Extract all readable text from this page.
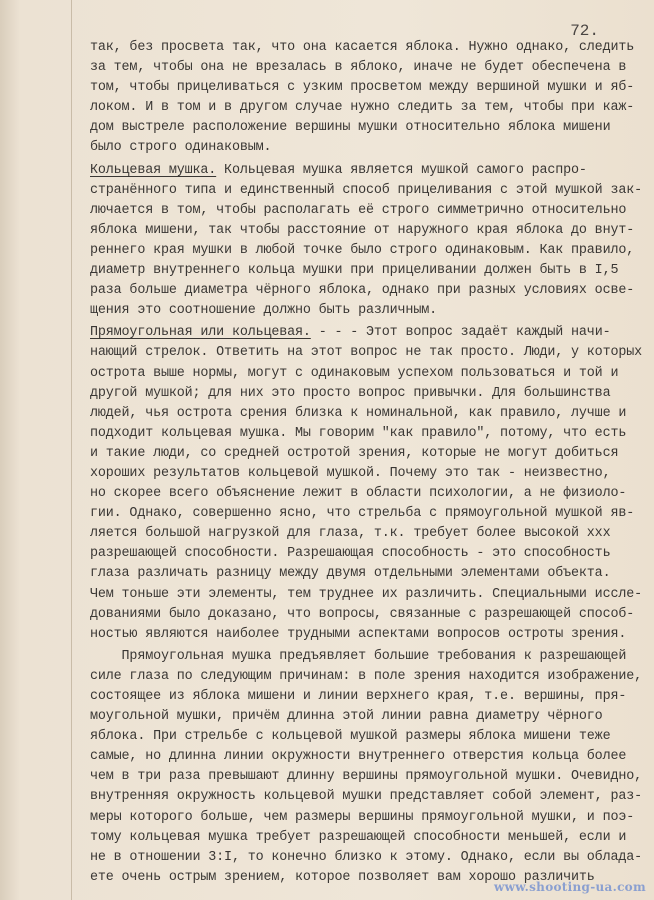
72.
так, без просвета так, что она касается яблока. Нужно однако, следить
за тем, чтобы она не врезалась в яблоко, иначе не будет обеспечена в
том, чтобы прицеливаться с узким просветом между вершиной мушки и яб-
локом. И в том и в другом случае нужно следить за тем, чтобы при каж-
дом выстреле расположение вершины мушки относительно яблока мишени
было строго одинаковым.
Кольцевая мушка. Кольцевая мушка является мушкой самого распро-
странённого типа и единственный способ прицеливания с этой мушкой зак-
лючается в том, чтобы располагать её строго симметрично относительно
яблока мишени, так чтобы расстояние от наружного края яблока до внут-
реннего края мушки в любой точке было строго одинаковым. Как правило,
диаметр внутреннего кольца мушки при прицеливании должен быть в I,5
раза больше диаметра чёрного яблока, однако при разных условиях осве-
щения это соотношение должно быть различным.
Прямоугольная или кольцевая. - - - Этот вопрос задаёт каждый начи-
нающий стрелок. Ответить на этот вопрос не так просто. Люди, у которых
острота выше нормы, могут с одинаковым успехом пользоваться и той и
другой мушкой; для них это просто вопрос привычки. Для большинства
людей, чья острота срения близка к номинальной, как правило, лучше и
подходит кольцевая мушка. Мы говорим "как правило", потому, что есть
и такие люди, со средней остротой зрения, которые не могут добиться
хороших результатов кольцевой мушкой. Почему это так - неизвестно,
но скорее всего объяснение лежит в области психологии, а не физиоло-
гии. Однако, совершенно ясно, что стрельба с прямоугольной мушкой яв-
ляется большой нагрузкой для глаза, т.к. требует более высокой xxx
разрешающей способности. Разрешающая способность - это способность
глаза различать разницу между двумя отдельными элементами объекта.
Чем тоньше эти элементы, тем труднее их различить. Специальными иссле-
дованиями было доказано, что вопросы, связанные с разрешающей способ-
ностью являются наиболее трудными аспектами вопросов остроты зрения.
Прямоугольная мушка предъявляет большие требования к разрешающей
силе глаза по следующим причинам: в поле зрения находится изображение,
состоящее из яблока мишени и линии верхнего края, т.е. вершины, пря-
моугольной мушки, причём длинна этой линии равна диаметру чёрного
яблока. При стрельбе с кольцевой мушкой размеры яблока мишени теже
самые, но длинна линии окружности внутреннего отверстия кольца более
чем в три раза превышают длинну вершины прямоугольной мушки. Очевидно,
внутренняя окружность кольцевой мушки представляет собой элемент, раз-
меры которого больше, чем размеры вершины прямоугольной мушки, и поэ-
тому кольцевая мушка требует разрешающей способности меньшей, если и
не в отношении 3:I, то конечно близко к этому. Однако, если вы облада-
ете очень острым зрением, которое позволяет вам хорошо различить
www.shooting-ua.com
